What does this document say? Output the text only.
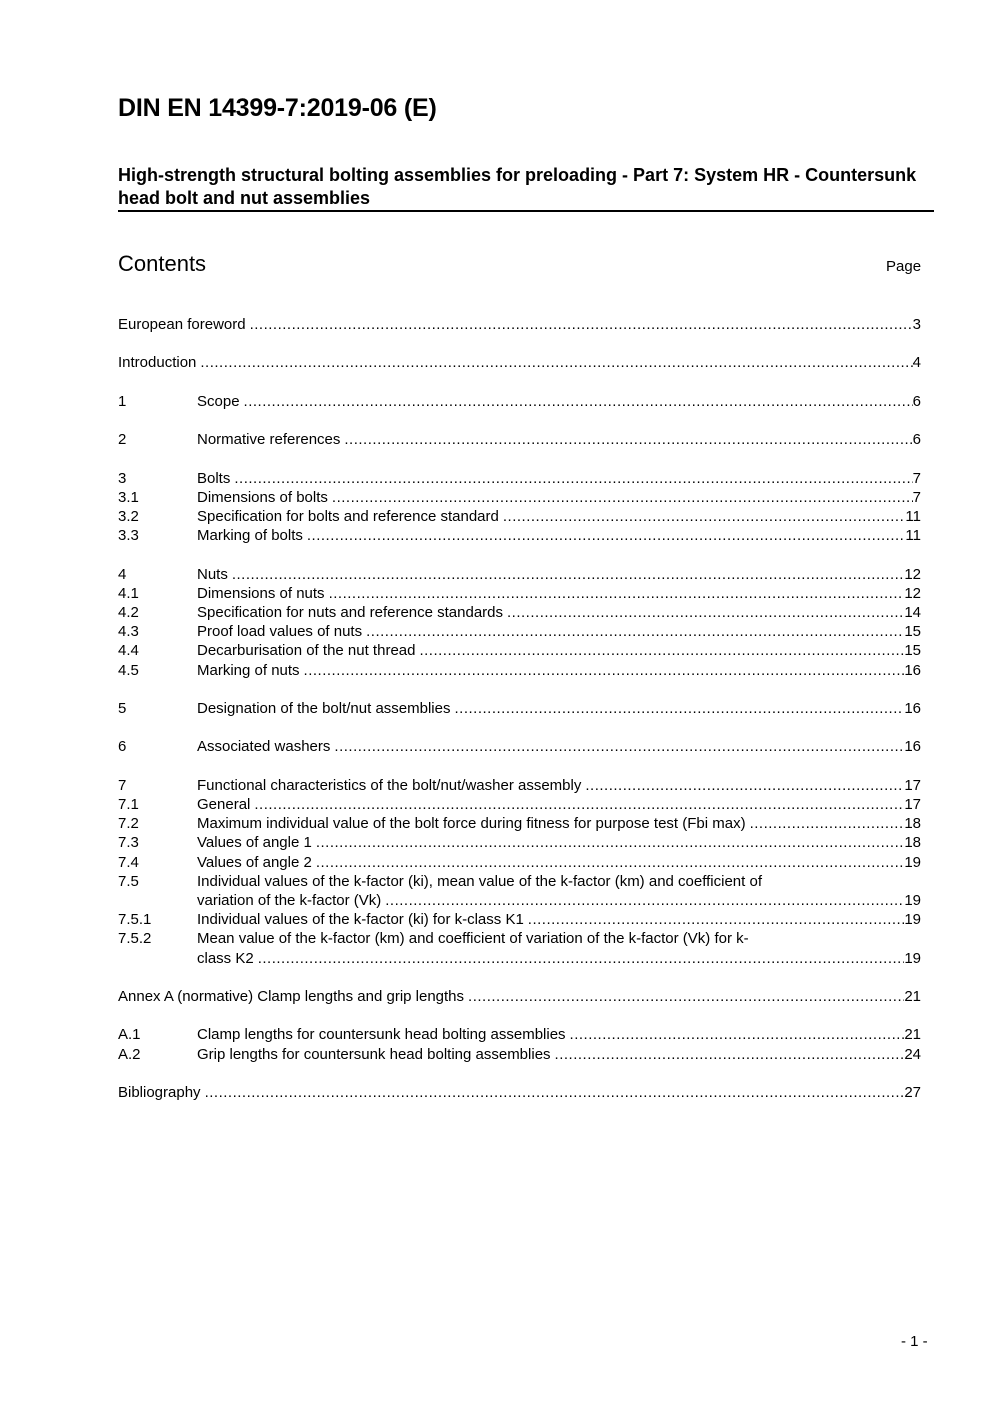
DIN EN 14399-7:2019-06 (E)
High-strength structural bolting assemblies for preloading - Part 7: System HR - Countersunk head bolt and nut assemblies
Contents	Page
European foreword .....	3
Introduction .....	4
1	Scope .....	6
2	Normative references .....	6
3	Bolts .....	7
3.1	Dimensions of bolts .....	7
3.2	Specification for bolts and reference standard .....	11
3.3	Marking of bolts .....	11
4	Nuts .....	12
4.1	Dimensions of nuts .....	12
4.2	Specification for nuts and reference standards .....	14
4.3	Proof load values of nuts .....	15
4.4	Decarburisation of the nut thread .....	15
4.5	Marking of nuts .....	16
5	Designation of the bolt/nut assemblies .....	16
6	Associated washers .....	16
7	Functional characteristics of the bolt/nut/washer assembly .....	17
7.1	General .....	17
7.2	Maximum individual value of the bolt force during fitness for purpose test (Fbi max) .....	18
7.3	Values of angle 1 .....	18
7.4	Values of angle 2 .....	19
7.5	Individual values of the k-factor (ki), mean value of the k-factor (km) and coefficient of
variation of the k-factor (Vk) .....	19
7.5.1	Individual values of the k-factor (ki) for k-class K1 .....	19
7.5.2	Mean value of the k-factor (km) and coefficient of variation of the k-factor (Vk) for k-
class K2 .....	19
Annex A (normative) Clamp lengths and grip lengths .....	21
A.1	Clamp lengths for countersunk head bolting assemblies .....	21
A.2	Grip lengths for countersunk head bolting assemblies .....	24
Bibliography .....	27
- 1 -
